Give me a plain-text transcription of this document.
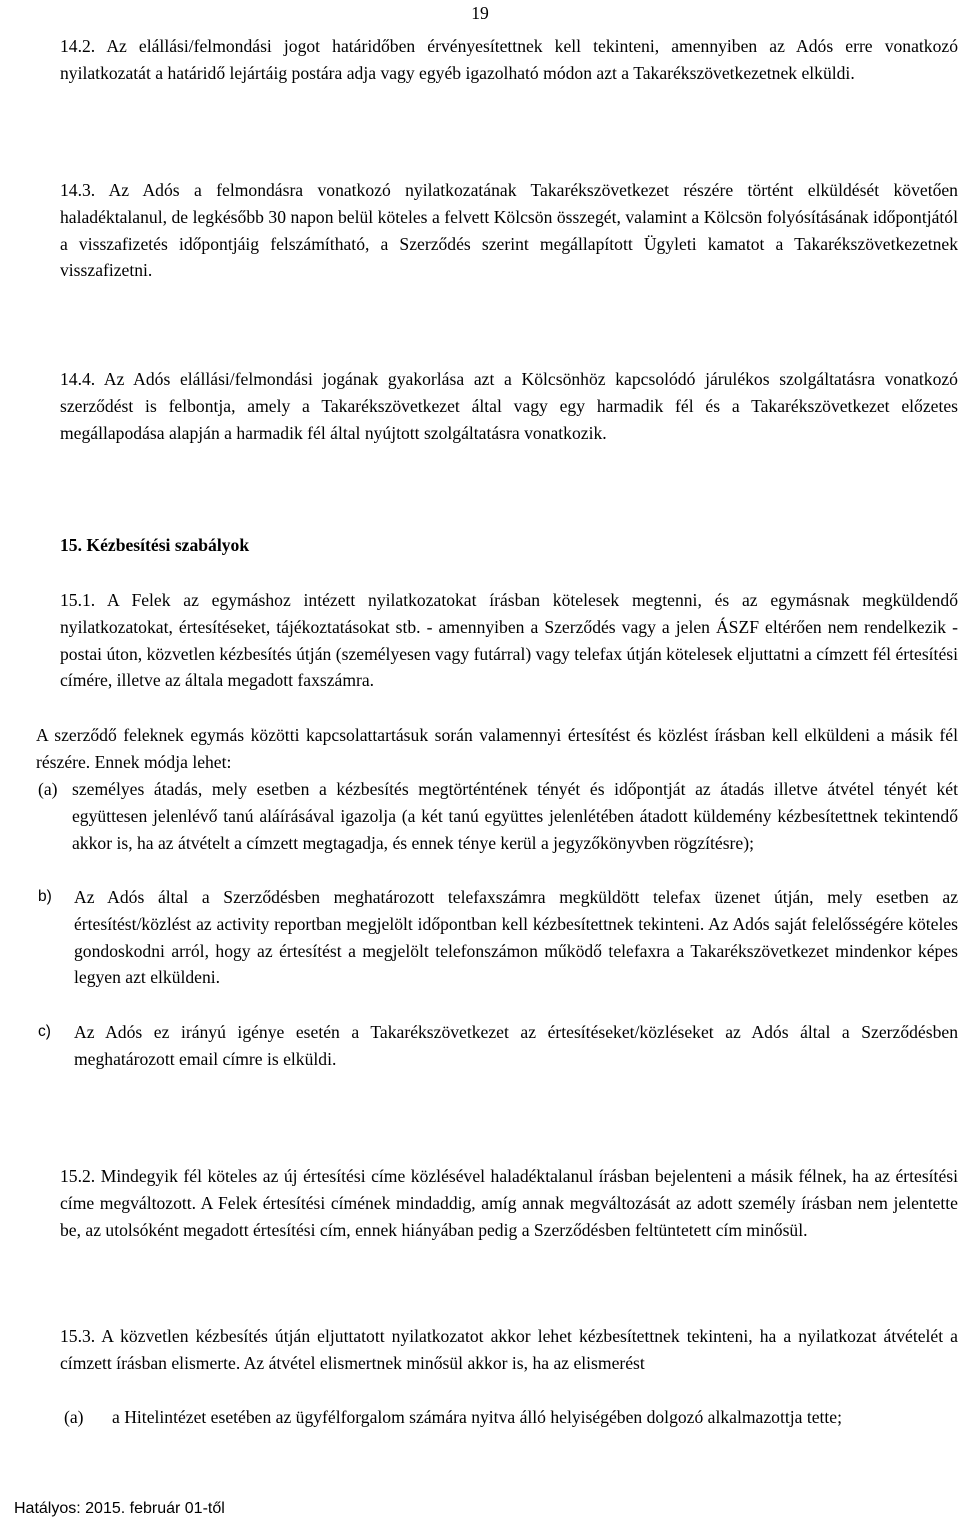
19

14.2. Az elállási/felmondási jogot határidőben érvényesítettnek kell tekinteni, amennyiben az Adós erre vonatkozó nyilatkozatát a határidő lejártáig postára adja vagy egyéb igazolható módon azt a Takarékszövetkezetnek elküldi.

14.3. Az Adós a felmondásra vonatkozó nyilatkozatának Takarékszövetkezet részére történt elküldését követően haladéktalanul, de legkésőbb 30 napon belül köteles a felvett Kölcsön összegét, valamint a Kölcsön folyósításának időpontjától a visszafizetés időpontjáig felszámítható, a Szerződés szerint megállapított Ügyleti kamatot a Takarékszövetkezetnek visszafizetni.

14.4. Az Adós elállási/felmondási jogának gyakorlása azt a Kölcsönhöz kapcsolódó járulékos szolgáltatásra vonatkozó szerződést is felbontja, amely a Takarékszövetkezet által vagy egy harmadik fél és a Takarékszövetkezet előzetes megállapodása alapján a harmadik fél által nyújtott szolgáltatásra vonatkozik.

15. Kézbesítési szabályok

15.1. A Felek az egymáshoz intézett nyilatkozatokat írásban kötelesek megtenni, és az egymásnak megküldendő nyilatkozatokat, értesítéseket, tájékoztatásokat stb. - amennyiben a Szerződés vagy a jelen ÁSZF eltérően nem rendelkezik - postai úton, közvetlen kézbesítés útján (személyesen vagy futárral) vagy telefax útján kötelesek eljuttatni a címzett fél értesítési címére, illetve az általa megadott faxszámra.

A szerződő feleknek egymás közötti kapcsolattartásuk során valamennyi értesítést és közlést írásban kell elküldeni a másik fél részére. Ennek módja lehet:

(a) személyes átadás, mely esetben a kézbesítés megtörténtének tényét és időpontját az átadás illetve átvétel tényét két együttesen jelenlévő tanú aláírásával igazolja (a két tanú együttes jelenlétében átadott küldemény kézbesítettnek tekintendő akkor is, ha az átvételt a címzett megtagadja, és ennek ténye kerül a jegyzőkönyvben rögzítésre);
b) Az Adós által a Szerződésben meghatározott telefaxszámra megküldött telefax üzenet útján, mely esetben az értesítést/közlést az activity reportban megjelölt időpontban kell kézbesítettnek tekinteni. Az Adós saját felelősségére köteles gondoskodni arról, hogy az értesítést a megjelölt telefonszámon működő telefaxra a Takarékszövetkezet mindenkor képes legyen azt elküldeni.
c) Az Adós ez irányú igénye esetén a Takarékszövetkezet az értesítéseket/közléseket az Adós által a Szerződésben meghatározott email címre is elküldi.

15.2. Mindegyik fél köteles az új értesítési címe közlésével haladéktalanul írásban bejelenteni a másik félnek, ha az értesítési címe megváltozott. A Felek értesítési címének mindaddig, amíg annak megváltozását az adott személy írásban nem jelentette be, az utolsóként megadott értesítési cím, ennek hiányában pedig a Szerződésben feltüntetett cím minősül.

15.3. A közvetlen kézbesítés útján eljuttatott nyilatkozatot akkor lehet kézbesítettnek tekinteni, ha a nyilatkozat átvételét a címzett írásban elismerte. Az átvétel elismertnek minősül akkor is, ha az elismerést

(a) a Hitelintézet esetében az ügyfélforgalom számára nyitva álló helyiségében dolgozó alkalmazottja tette;
Hatályos: 2015. február 01-től
